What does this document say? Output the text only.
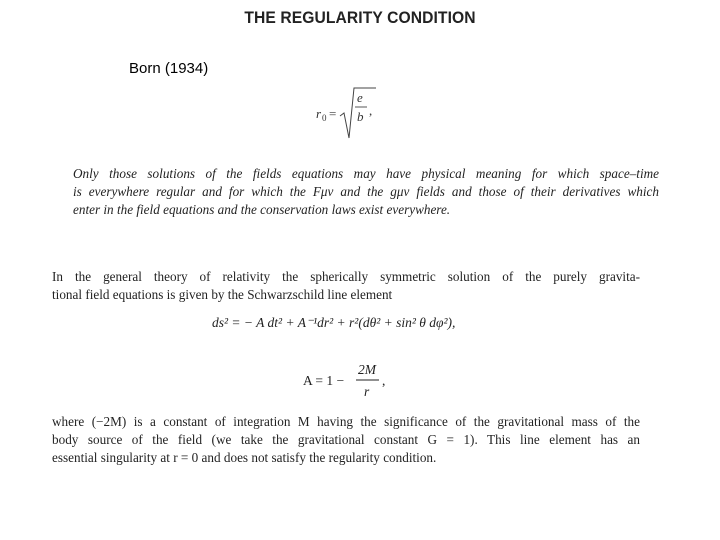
THE REGULARITY CONDITION
Born (1934)
r 0 =
e
b ,
Only those solutions of the fields equations may have physical meaning for which space–time
is everywhere regular and for which the Fμν and the gμν fields and those of their derivatives which
enter in the field equations and the conservation laws exist everywhere.
In the general theory of relativity the spherically symmetric solution of the purely gravita-
tional field equations is given by the Schwarzschild line element
ds² = − A dt² + A⁻¹dr² + r²(dθ² + sin² θ dφ²),
A = 1 −
2M
r
,
where (−2M) is a constant of integration M having the significance of the gravitational mass of the
body source of the field (we take the gravitational constant G = 1). This line element has an
essential singularity at r = 0 and does not satisfy the regularity condition.
